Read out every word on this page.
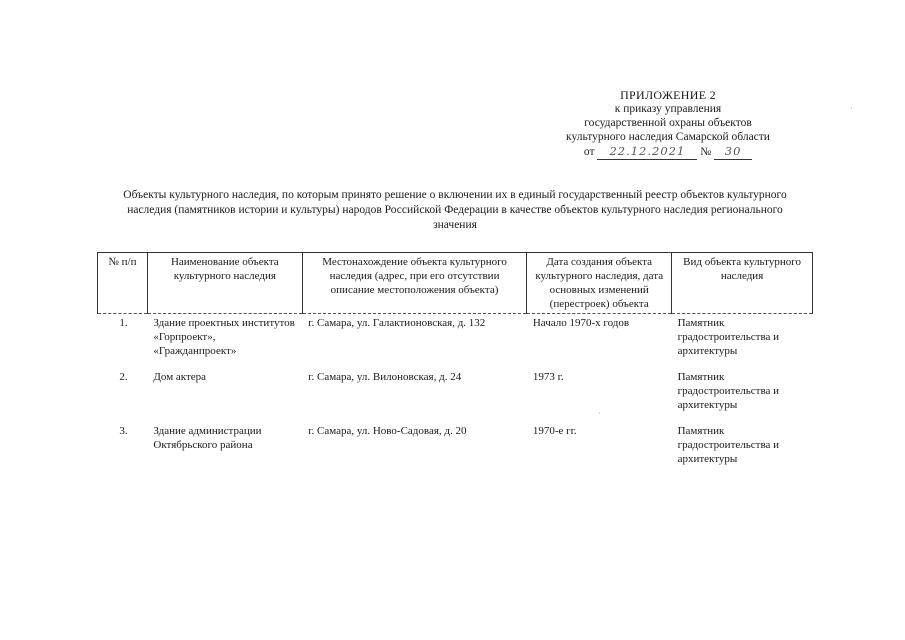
ПРИЛОЖЕНИЕ 2
к приказу управления
государственной охраны объектов
культурного наследия Самарской области
от 22.12.2021 № 30
Объекты культурного наследия, по которым принято решение о включении их в единый государственный реестр объектов культурного наследия (памятников истории и культуры) народов Российской Федерации в качестве объектов культурного наследия регионального значения
№ п/п	Наименование объекта культурного наследия	Местонахождение объекта культурного наследия (адрес, при его отсутствии описание местоположения объекта)	Дата создания объекта культурного наследия, дата основных изменений (перестроек) объекта	Вид объекта культурного наследия
1.	Здание проектных институтов «Горпроект», «Гражданпроект»	г. Самара, ул. Галактионовская, д. 132	Начало 1970-х годов	Памятник градостроительства и архитектуры
2.	Дом актера	г. Самара, ул. Вилоновская, д. 24	1973 г.	Памятник градостроительства и архитектуры
3.	Здание администрации Октябрьского района	г. Самара, ул. Ново-Садовая, д. 20	1970-е гг.	Памятник градостроительства и архитектуры
·
·
